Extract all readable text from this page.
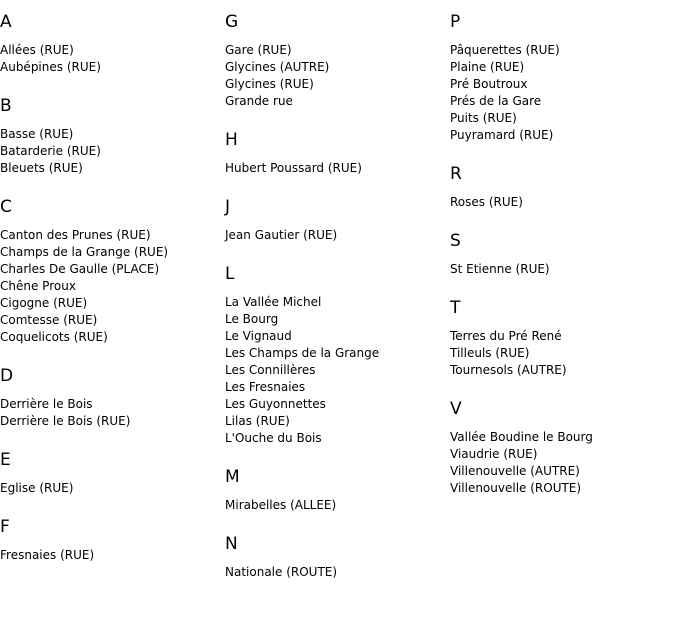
A
Allées (RUE)
Aubépines (RUE)
B
Basse (RUE)
Batarderie (RUE)
Bleuets (RUE)
C
Canton des Prunes (RUE)
Champs de la Grange (RUE)
Charles De Gaulle (PLACE)
Chêne Proux
Cigogne (RUE)
Comtesse (RUE)
Coquelicots (RUE)
D
Derrière le Bois
Derrière le Bois (RUE)
E
Eglise (RUE)
F
Fresnaies (RUE)
G
Gare (RUE)
Glycines (AUTRE)
Glycines (RUE)
Grande rue
H
Hubert Poussard (RUE)
J
Jean Gautier (RUE)
L
La Vallée Michel
Le Bourg
Le Vignaud
Les Champs de la Grange
Les Connillères
Les Fresnaies
Les Guyonnettes
Lilas (RUE)
L'Ouche du Bois
M
Mirabelles (ALLEE)
N
Nationale (ROUTE)
P
Pâquerettes (RUE)
Plaine (RUE)
Pré Boutroux
Prés de la Gare
Puits (RUE)
Puyramard (RUE)
R
Roses (RUE)
S
St Etienne (RUE)
T
Terres du Pré René
Tilleuls (RUE)
Tournesols (AUTRE)
V
Vallée Boudine le Bourg
Viaudrie (RUE)
Villenouvelle (AUTRE)
Villenouvelle (ROUTE)
